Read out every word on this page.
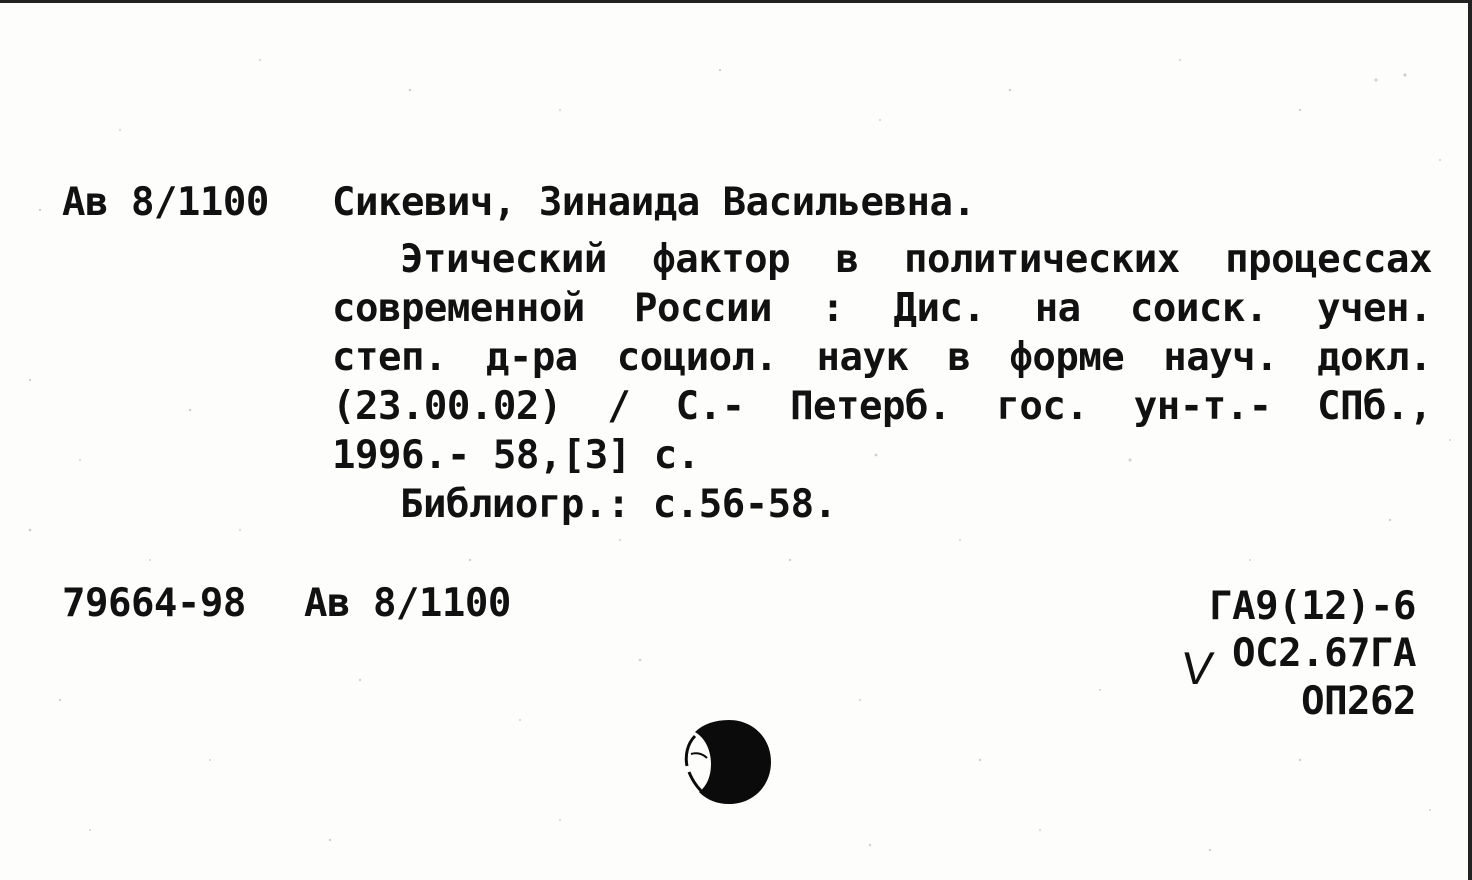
Ав 8/1100 Сикевич, Зинаида Васильевна.
Этический фактор в политических процессах
современной России : Дис. на соиск. учен.
степ. д-ра социол. наук в форме науч. докл.
(23.00.02) / С.- Петерб. гос. ун-т.- СПб.,
1996.- 58,[3] с.
Библиогр.: с.56-58.
79664-98 Ав 8/1100	ГА9(12)-6
V ОС2.67ГА
ОП262
